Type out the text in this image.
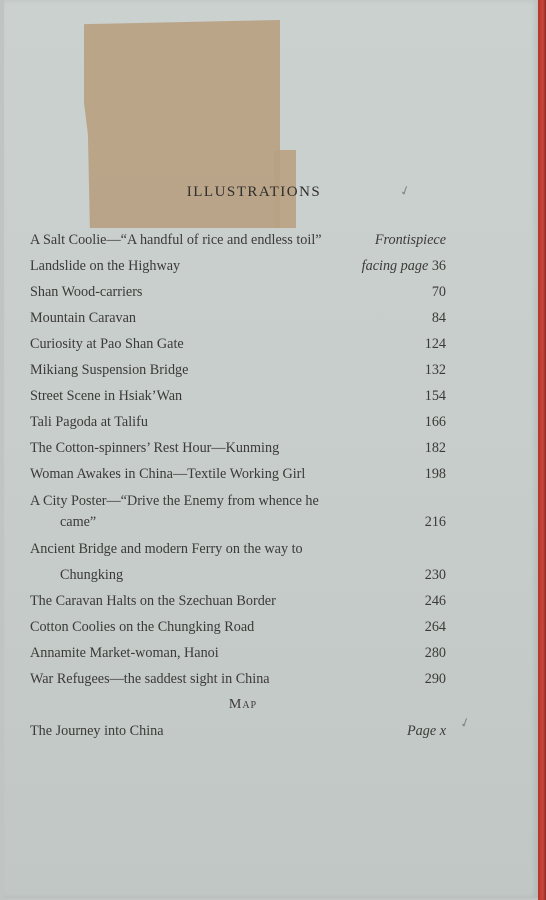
ILLUSTRATIONS	✓
A Salt Coolie—“A handful of rice and endless toil”	Frontispiece
Landslide on the Highway	facing page 36
Shan Wood-carriers	70
Mountain Caravan	84
Curiosity at Pao Shan Gate	124
Mikiang Suspension Bridge	132
Street Scene in Hsiak’Wan	154
Tali Pagoda at Talifu	166
The Cotton-spinners’ Rest Hour—Kunming	182
Woman Awakes in China—Textile Working Girl	198
A City Poster—“Drive the Enemy from whence he
came”	216
Ancient Bridge and modern Ferry on the way to
Chungking	230
The Caravan Halts on the Szechuan Border	246
Cotton Coolies on the Chungking Road	264
Annamite Market-woman, Hanoi	280
War Refugees—the saddest sight in China	290
Map
The Journey into China	Page x ✓
